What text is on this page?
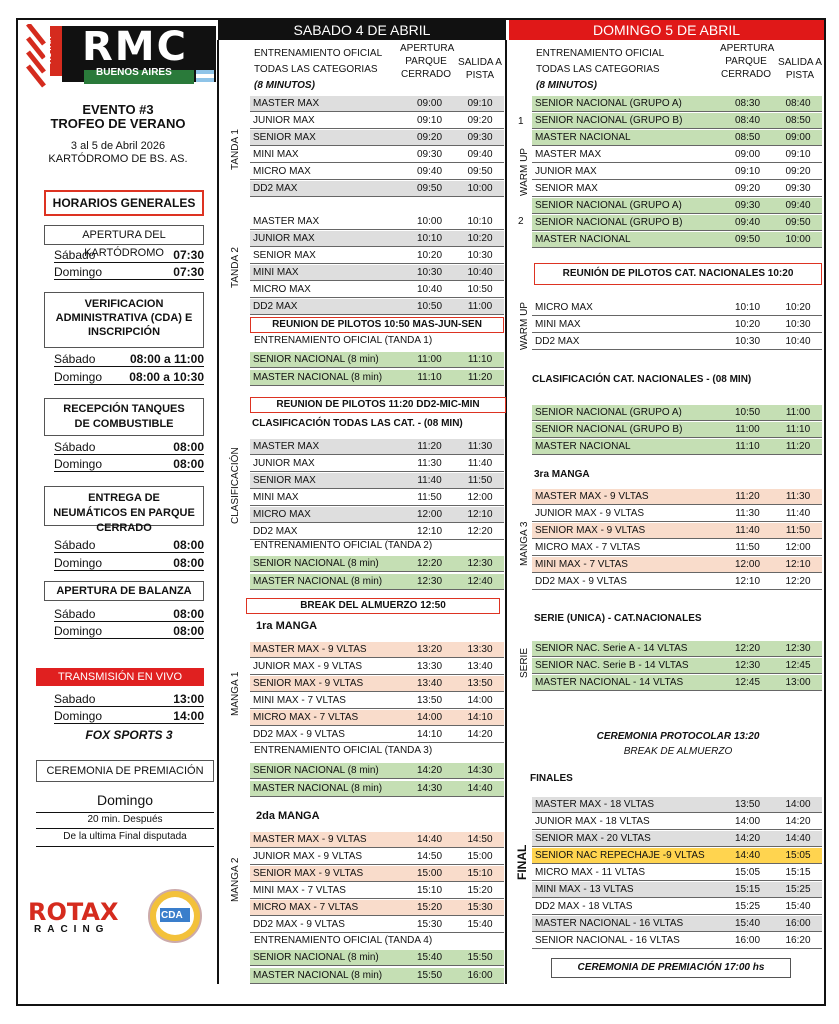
ROTAX RMC
BUENOS AIRES
EVENTO #3
TROFEO DE VERANO
3 al 5 de Abril 2026
KARTÓDROMO DE BS. AS.
HORARIOS GENERALES
APERTURA DEL KARTÓDROMO
Sábado	07:30
Domingo	07:30
VERIFICACION ADMINISTRATIVA (CDA) E INSCRIPCIÓN
Sábado	08:00 a 11:00
Domingo 08:00 a 10:30
RECEPCIÓN TANQUES DE COMBUSTIBLE
Sábado	08:00
Domingo	08:00
ENTREGA DE NEUMÁTICOS EN PARQUE CERRADO
Sábado	08:00
Domingo	08:00
APERTURA DE BALANZA
Sábado	08:00
Domingo	08:00
TRANSMISIÓN EN VIVO
Sabado	13:00
Domingo	14:00
FOX SPORTS 3
CEREMONIA DE PREMIACIÓN
Domingo
20 min. Después
De la ultima Final disputada
ROTAX
RACING
CDA
SABADO 4 DE ABRIL
ENTRENAMIENTO OFICIAL
TODAS LAS CATEGORIAS
(8 MINUTOS)
APERTURA PARQUE CERRADO
SALIDA A PISTA
MASTER MAX	09:00	09:10
JUNIOR MAX	09:10	09:20
SENIOR MAX	09:20	09:30
MINI MAX	09:30	09:40
MICRO MAX	09:40	09:50
DD2 MAX	09:50	10:00
MASTER MAX	10:00	10:10
JUNIOR MAX	10:10	10:20
SENIOR MAX	10:20	10:30
MINI MAX	10:30	10:40
MICRO MAX	10:40	10:50
DD2 MAX	10:50	11:00
SENIOR NACIONAL (8 min)	11:00	11:10
MASTER NACIONAL (8 min)	11:10	11:20
MASTER MAX	11:20	11:30
JUNIOR MAX	11:30	11:40
SENIOR MAX	11:40	11:50
MINI MAX	11:50	12:00
MICRO MAX	12:00	12:10
DD2 MAX	12:10	12:20
SENIOR NACIONAL (8 min)	12:20	12:30
MASTER NACIONAL (8 min)	12:30	12:40
MASTER MAX - 9 VLTAS	13:20	13:30
JUNIOR MAX - 9 VLTAS	13:30	13:40
SENIOR MAX - 9 VLTAS	13:40	13:50
MINI MAX - 7 VLTAS	13:50	14:00
MICRO MAX - 7 VLTAS	14:00	14:10
DD2 MAX - 9 VLTAS	14:10	14:20
SENIOR NACIONAL (8 min)	14:20	14:30
MASTER NACIONAL (8 min)	14:30	14:40
MASTER MAX - 9 VLTAS	14:40	14:50
JUNIOR MAX - 9 VLTAS	14:50	15:00
SENIOR MAX - 9 VLTAS	15:00	15:10
MINI MAX - 7 VLTAS	15:10	15:20
MICRO MAX - 7 VLTAS	15:20	15:30
DD2 MAX - 9 VLTAS	15:30	15:40
SENIOR NACIONAL (8 min)	15:40	15:50
MASTER NACIONAL (8 min)	15:50	16:00
TANDA 1
TANDA 2
CLASIFICACIÓN
MANGA 1
MANGA 2
REUNION DE PILOTOS 10:50 MAS-JUN-SEN
ENTRENAMIENTO OFICIAL (TANDA 1)
REUNION DE PILOTOS 11:20 DD2-MIC-MIN
CLASIFICACIÓN TODAS LAS CAT. - (08 MIN)
ENTRENAMIENTO OFICIAL (TANDA 2)
BREAK DEL ALMUERZO 12:50
1ra MANGA
ENTRENAMIENTO OFICIAL (TANDA 3)
2da MANGA
ENTRENAMIENTO OFICIAL (TANDA 4)
DOMINGO 5 DE ABRIL
ENTRENAMIENTO OFICIAL
TODAS LAS CATEGORIAS
(8 MINUTOS)
APERTURA PARQUE CERRADO
SALIDA A PISTA
SENIOR NACIONAL (GRUPO A)	08:30	08:40
SENIOR NACIONAL (GRUPO B)	08:40	08:50
MASTER NACIONAL	08:50	09:00
MASTER MAX	09:00	09:10
JUNIOR MAX	09:10	09:20
SENIOR MAX	09:20	09:30
SENIOR NACIONAL (GRUPO A)	09:30	09:40
SENIOR NACIONAL (GRUPO B)	09:40	09:50
MASTER NACIONAL	09:50	10:00
MICRO MAX	10:10	10:20
MINI MAX	10:20	10:30
DD2 MAX	10:30	10:40
SENIOR NACIONAL (GRUPO A)	10:50	11:00
SENIOR NACIONAL (GRUPO B)	11:00	11:10
MASTER NACIONAL	11:10	11:20
MASTER MAX - 9 VLTAS	11:20	11:30
JUNIOR MAX - 9 VLTAS	11:30	11:40
SENIOR MAX - 9 VLTAS	11:40	11:50
MICRO MAX - 7 VLTAS	11:50	12:00
MINI MAX - 7 VLTAS	12:00	12:10
DD2 MAX - 9 VLTAS	12:10	12:20
SENIOR NAC. Serie A - 14 VLTAS	12:20	12:30
SENIOR NAC. Serie B - 14 VLTAS	12:30	12:45
MASTER NACIONAL - 14 VLTAS	12:45	13:00
MASTER MAX - 18 VLTAS	13:50	14:00
JUNIOR MAX - 18 VLTAS	14:00	14:20
SENIOR MAX - 20 VLTAS	14:20	14:40
SENIOR NAC REPECHAJE -9 VLTAS	14:40	15:05
MICRO MAX - 11 VLTAS	15:05	15:15
MINI MAX - 13 VLTAS	15:15	15:25
DD2 MAX - 18 VLTAS	15:25	15:40
MASTER NACIONAL - 16 VLTAS	15:40	16:00
SENIOR NACIONAL - 16 VLTAS	16:00	16:20
1
2
WARM UP
WARM UP
MANGA 3
SERIE
FINAL
REUNIÓN DE PILOTOS CAT. NACIONALES 10:20
CLASIFICACIÓN CAT. NACIONALES - (08 MIN)
3ra MANGA
SERIE (UNICA) - CAT.NACIONALES
CEREMONIA PROTOCOLAR 13:20
BREAK DE ALMUERZO
FINALES
CEREMONIA DE PREMIACIÓN 17:00 hs
